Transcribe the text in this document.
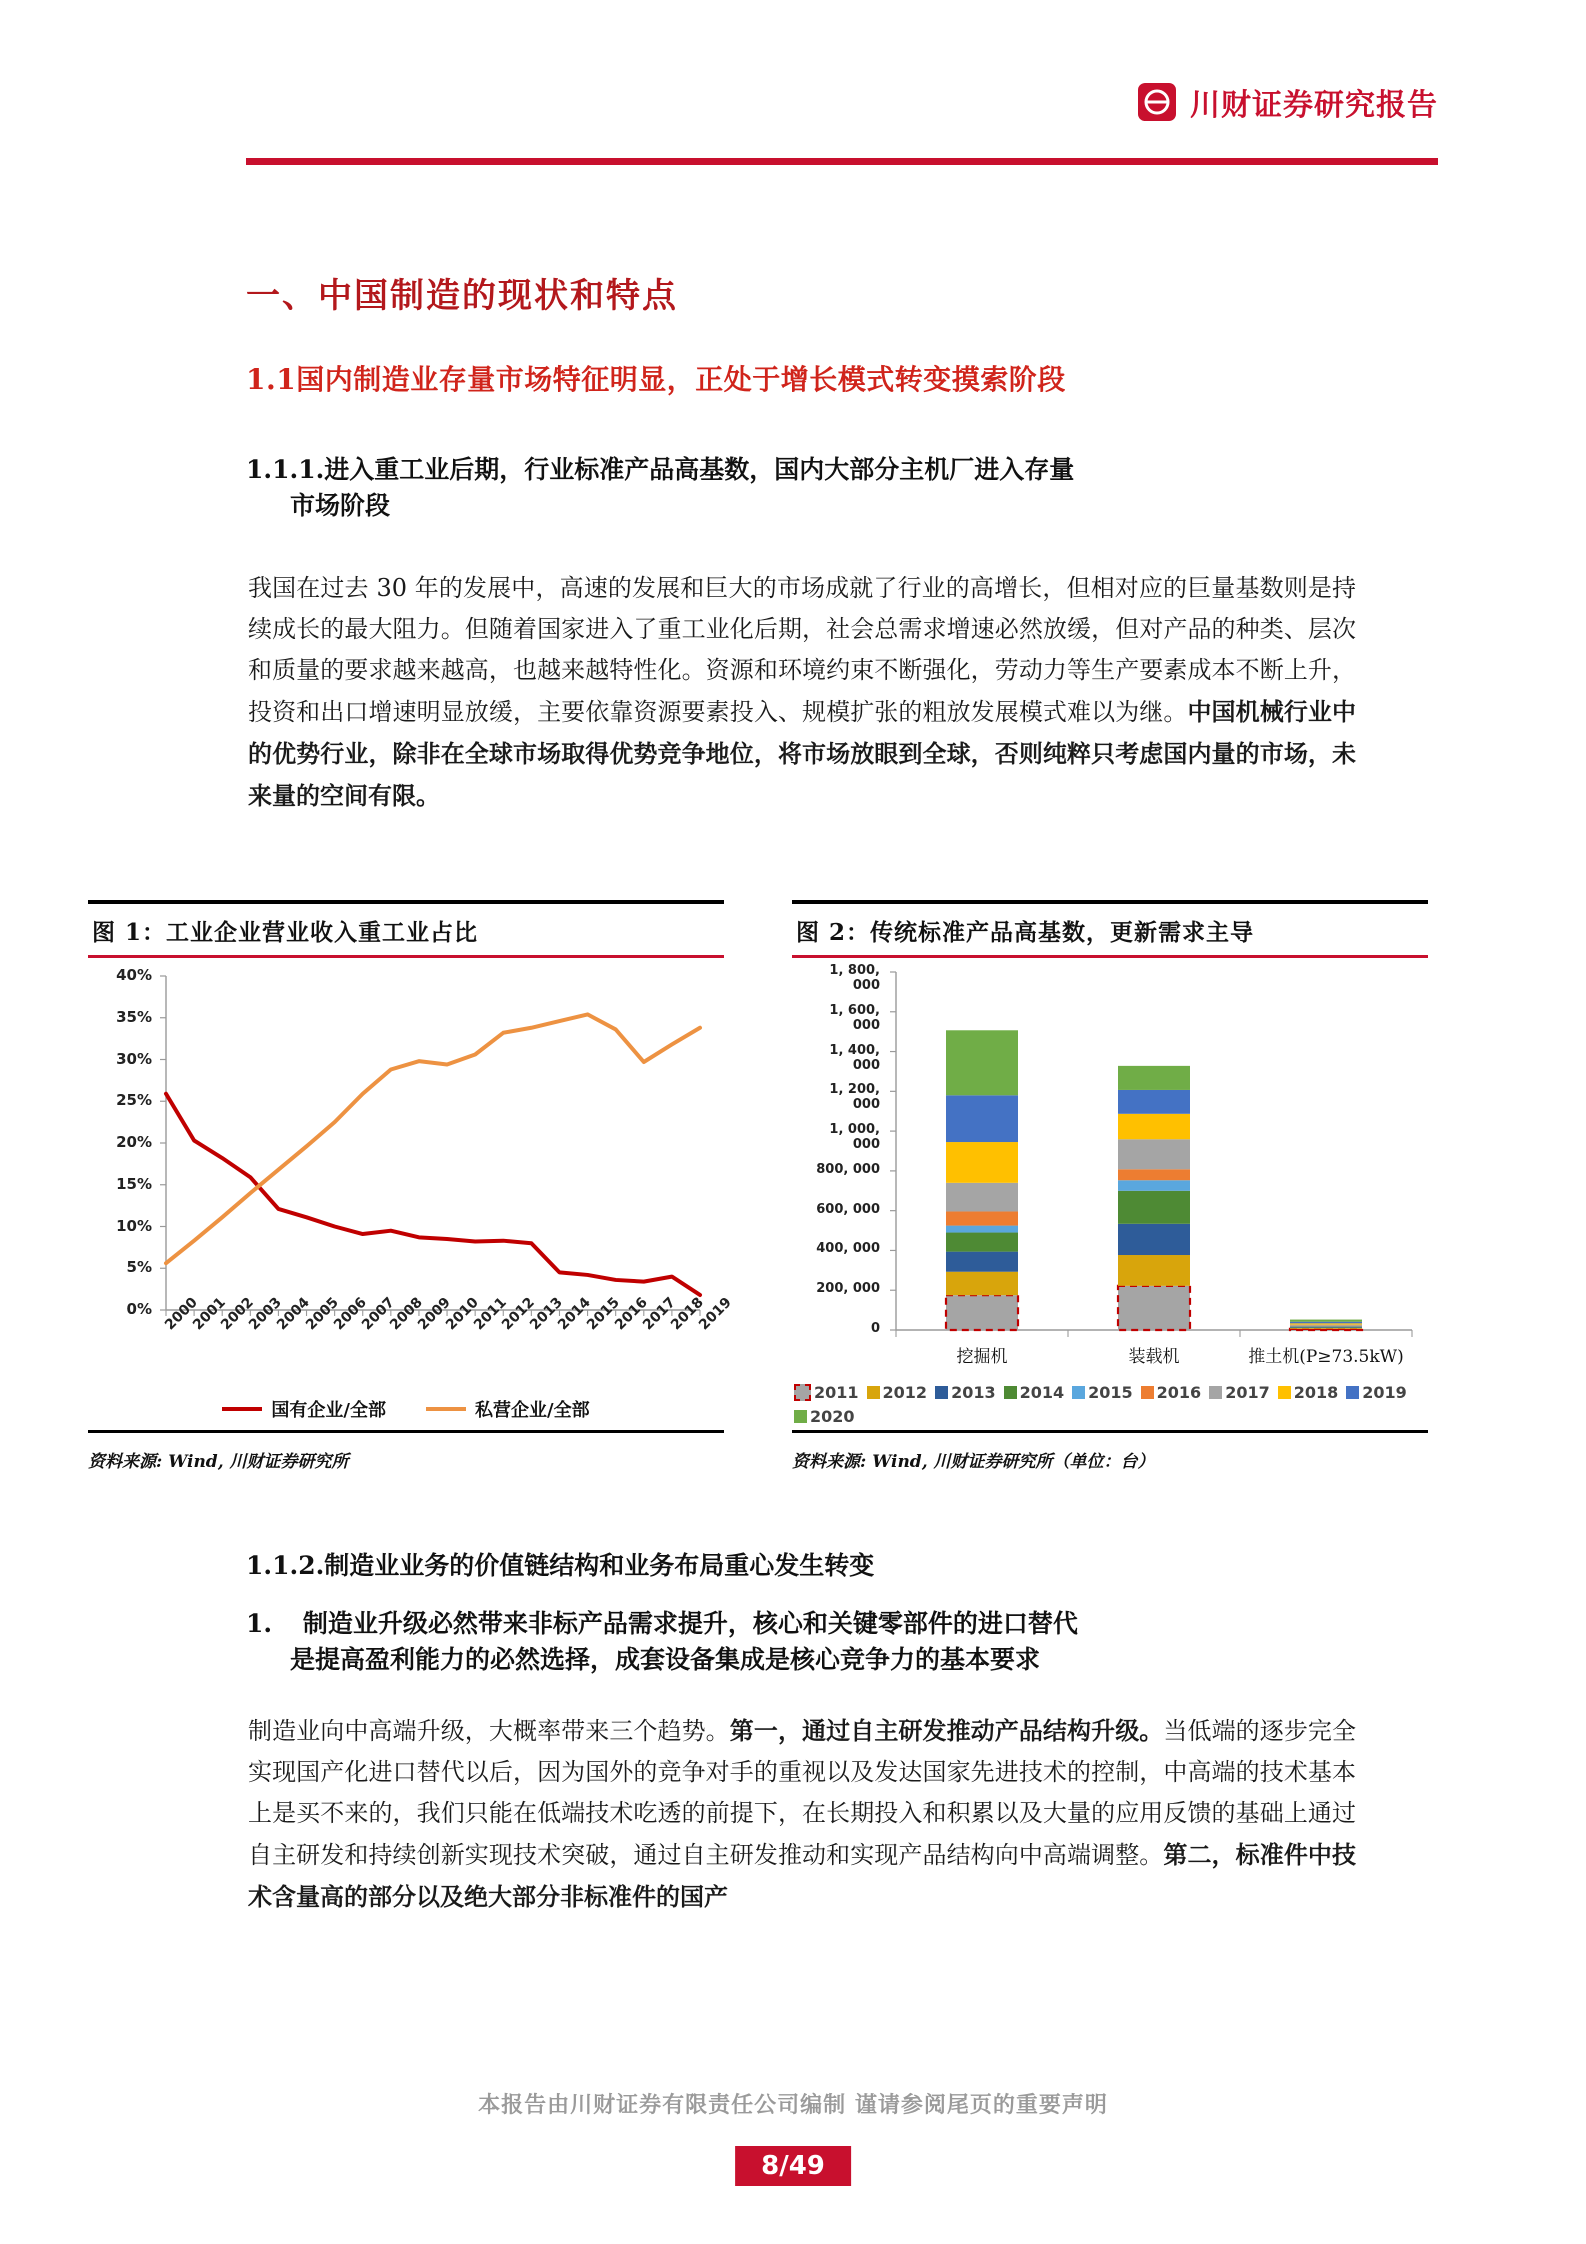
川财证券研究报告
一、中国制造的现状和特点
1.1国内制造业存量市场特征明显，正处于增长模式转变摸索阶段
1.1.1.进入重工业后期，行业标准产品高基数，国内大部分主机厂进入存量
市场阶段
我国在过去 30 年的发展中，高速的发展和巨大的市场成就了行业的高增长，但相对应的巨量基数则是持续成长的最大阻力。但随着国家进入了重工业化后期，社会总需求增速必然放缓，但对产品的种类、层次和质量的要求越来越高，也越来越特性化。资源和环境约束不断强化，劳动力等生产要素成本不断上升，投资和出口增速明显放缓，主要依靠资源要素投入、规模扩张的粗放发展模式难以为继。中国机械行业中的优势行业，除非在全球市场取得优势竞争地位，将市场放眼到全球，否则纯粹只考虑国内量的市场，未来量的空间有限。
图 1：工业企业营业收入重工业占比
国有企业/全部	私营企业/全部
0%
5%
10%
15%
20%
25%
30%
35%
40%
2000
2001
2002
2003
2004
2005
2006
2007
2008
2009
2010
2011
2012
2013
2014
2015
2016
2017
2018
2019
资料来源: Wind, 川财证券研究所
图 2：传统标准产品高基数，更新需求主导
2011 2012 2013 2014 2015 2016 2017 2018 2019
2020
0
200, 000
400, 000
600, 000
800, 000
1, 000, 000
1, 200, 000
1, 400, 000
1, 600, 000
1, 800, 000
挖掘机	装载机	推土机(P≥73.5kW)
资料来源: Wind, 川财证券研究所（单位：台）
1.1.2.制造业业务的价值链结构和业务布局重心发生转变
1. 制造业升级必然带来非标产品需求提升，核心和关键零部件的进口替代
是提高盈利能力的必然选择，成套设备集成是核心竞争力的基本要求
制造业向中高端升级，大概率带来三个趋势。第一，通过自主研发推动产品结构升级。当低端的逐步完全实现国产化进口替代以后，因为国外的竞争对手的重视以及发达国家先进技术的控制，中高端的技术基本上是买不来的，我们只能在低端技术吃透的前提下，在长期投入和积累以及大量的应用反馈的基础上通过自主研发和持续创新实现技术突破，通过自主研发推动和实现产品结构向中高端调整。第二，标准件中技术含量高的部分以及绝大部分非标准件的国产
本报告由川财证券有限责任公司编制 谨请参阅尾页的重要声明
8/49
